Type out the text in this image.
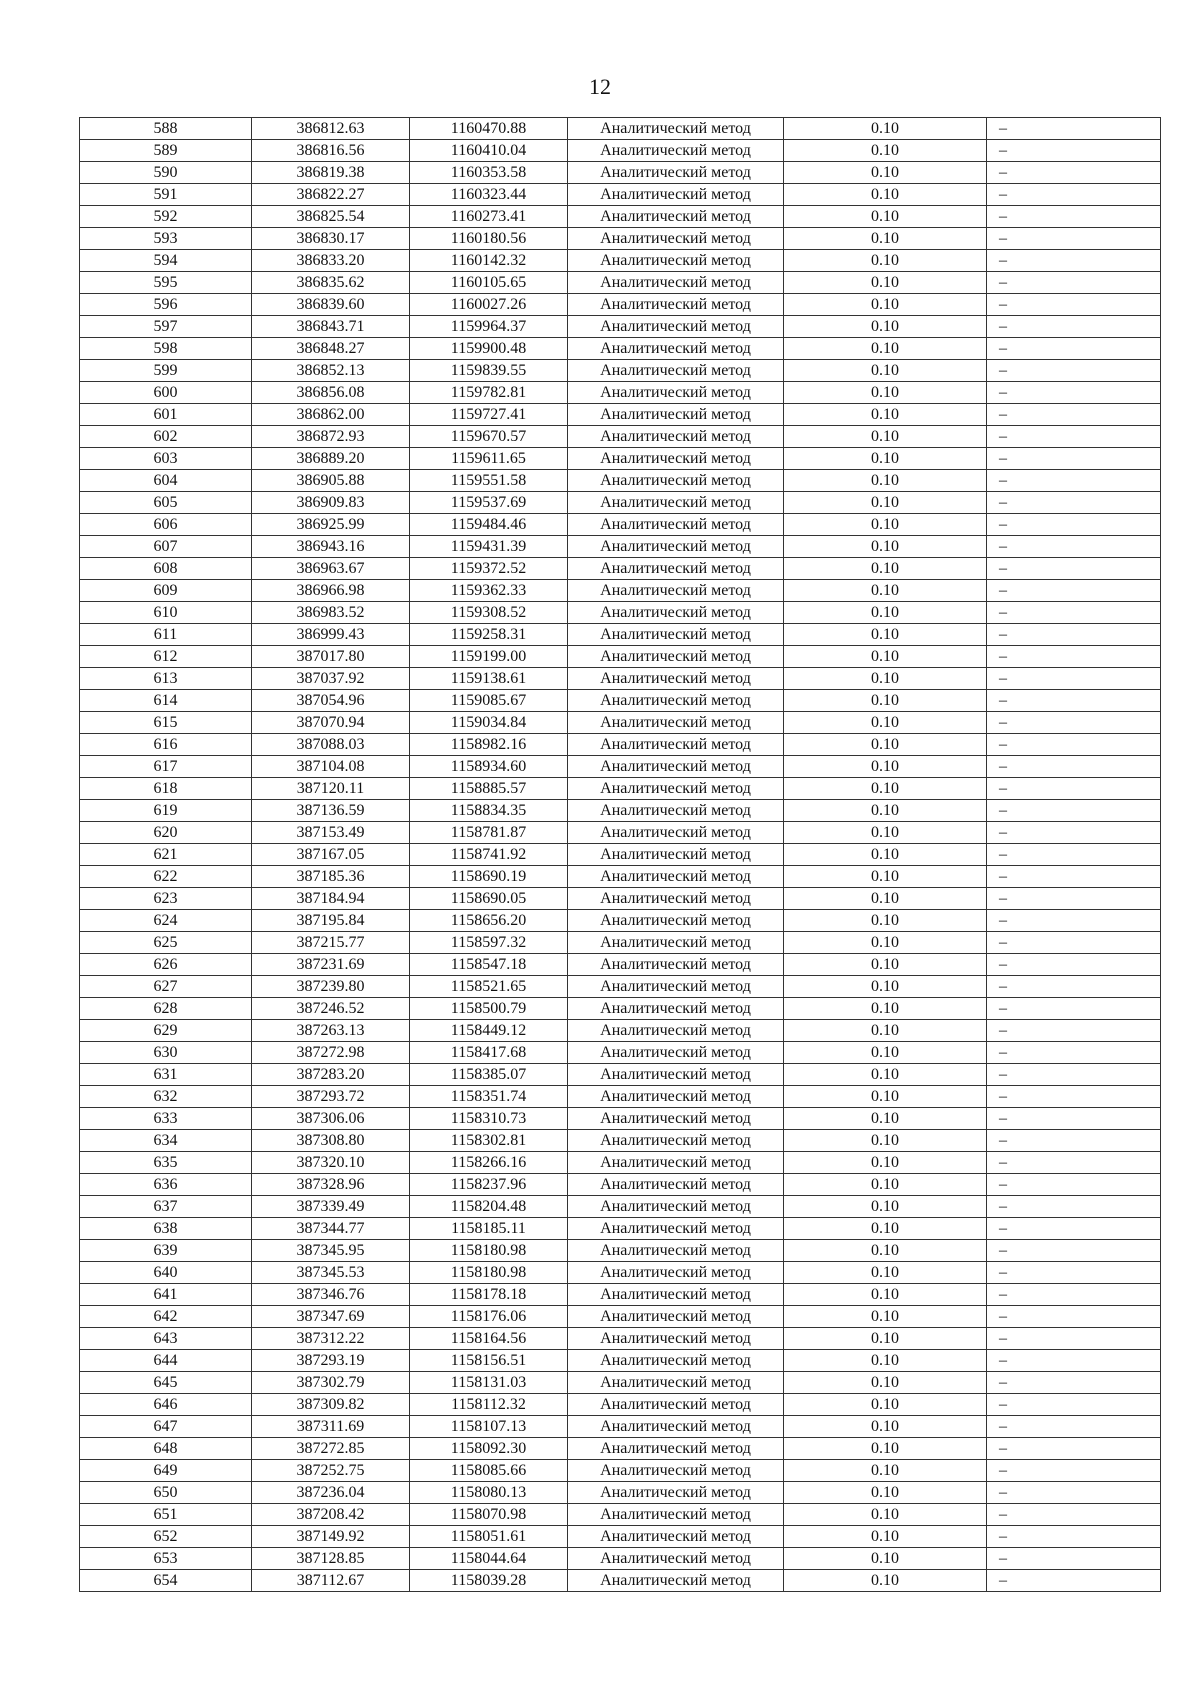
12
588	386812.63	1160470.88	Аналитический метод	0.10	–
589	386816.56	1160410.04	Аналитический метод	0.10	–
590	386819.38	1160353.58	Аналитический метод	0.10	–
591	386822.27	1160323.44	Аналитический метод	0.10	–
592	386825.54	1160273.41	Аналитический метод	0.10	–
593	386830.17	1160180.56	Аналитический метод	0.10	–
594	386833.20	1160142.32	Аналитический метод	0.10	–
595	386835.62	1160105.65	Аналитический метод	0.10	–
596	386839.60	1160027.26	Аналитический метод	0.10	–
597	386843.71	1159964.37	Аналитический метод	0.10	–
598	386848.27	1159900.48	Аналитический метод	0.10	–
599	386852.13	1159839.55	Аналитический метод	0.10	–
600	386856.08	1159782.81	Аналитический метод	0.10	–
601	386862.00	1159727.41	Аналитический метод	0.10	–
602	386872.93	1159670.57	Аналитический метод	0.10	–
603	386889.20	1159611.65	Аналитический метод	0.10	–
604	386905.88	1159551.58	Аналитический метод	0.10	–
605	386909.83	1159537.69	Аналитический метод	0.10	–
606	386925.99	1159484.46	Аналитический метод	0.10	–
607	386943.16	1159431.39	Аналитический метод	0.10	–
608	386963.67	1159372.52	Аналитический метод	0.10	–
609	386966.98	1159362.33	Аналитический метод	0.10	–
610	386983.52	1159308.52	Аналитический метод	0.10	–
611	386999.43	1159258.31	Аналитический метод	0.10	–
612	387017.80	1159199.00	Аналитический метод	0.10	–
613	387037.92	1159138.61	Аналитический метод	0.10	–
614	387054.96	1159085.67	Аналитический метод	0.10	–
615	387070.94	1159034.84	Аналитический метод	0.10	–
616	387088.03	1158982.16	Аналитический метод	0.10	–
617	387104.08	1158934.60	Аналитический метод	0.10	–
618	387120.11	1158885.57	Аналитический метод	0.10	–
619	387136.59	1158834.35	Аналитический метод	0.10	–
620	387153.49	1158781.87	Аналитический метод	0.10	–
621	387167.05	1158741.92	Аналитический метод	0.10	–
622	387185.36	1158690.19	Аналитический метод	0.10	–
623	387184.94	1158690.05	Аналитический метод	0.10	–
624	387195.84	1158656.20	Аналитический метод	0.10	–
625	387215.77	1158597.32	Аналитический метод	0.10	–
626	387231.69	1158547.18	Аналитический метод	0.10	–
627	387239.80	1158521.65	Аналитический метод	0.10	–
628	387246.52	1158500.79	Аналитический метод	0.10	–
629	387263.13	1158449.12	Аналитический метод	0.10	–
630	387272.98	1158417.68	Аналитический метод	0.10	–
631	387283.20	1158385.07	Аналитический метод	0.10	–
632	387293.72	1158351.74	Аналитический метод	0.10	–
633	387306.06	1158310.73	Аналитический метод	0.10	–
634	387308.80	1158302.81	Аналитический метод	0.10	–
635	387320.10	1158266.16	Аналитический метод	0.10	–
636	387328.96	1158237.96	Аналитический метод	0.10	–
637	387339.49	1158204.48	Аналитический метод	0.10	–
638	387344.77	1158185.11	Аналитический метод	0.10	–
639	387345.95	1158180.98	Аналитический метод	0.10	–
640	387345.53	1158180.98	Аналитический метод	0.10	–
641	387346.76	1158178.18	Аналитический метод	0.10	–
642	387347.69	1158176.06	Аналитический метод	0.10	–
643	387312.22	1158164.56	Аналитический метод	0.10	–
644	387293.19	1158156.51	Аналитический метод	0.10	–
645	387302.79	1158131.03	Аналитический метод	0.10	–
646	387309.82	1158112.32	Аналитический метод	0.10	–
647	387311.69	1158107.13	Аналитический метод	0.10	–
648	387272.85	1158092.30	Аналитический метод	0.10	–
649	387252.75	1158085.66	Аналитический метод	0.10	–
650	387236.04	1158080.13	Аналитический метод	0.10	–
651	387208.42	1158070.98	Аналитический метод	0.10	–
652	387149.92	1158051.61	Аналитический метод	0.10	–
653	387128.85	1158044.64	Аналитический метод	0.10	–
654	387112.67	1158039.28	Аналитический метод	0.10	–
